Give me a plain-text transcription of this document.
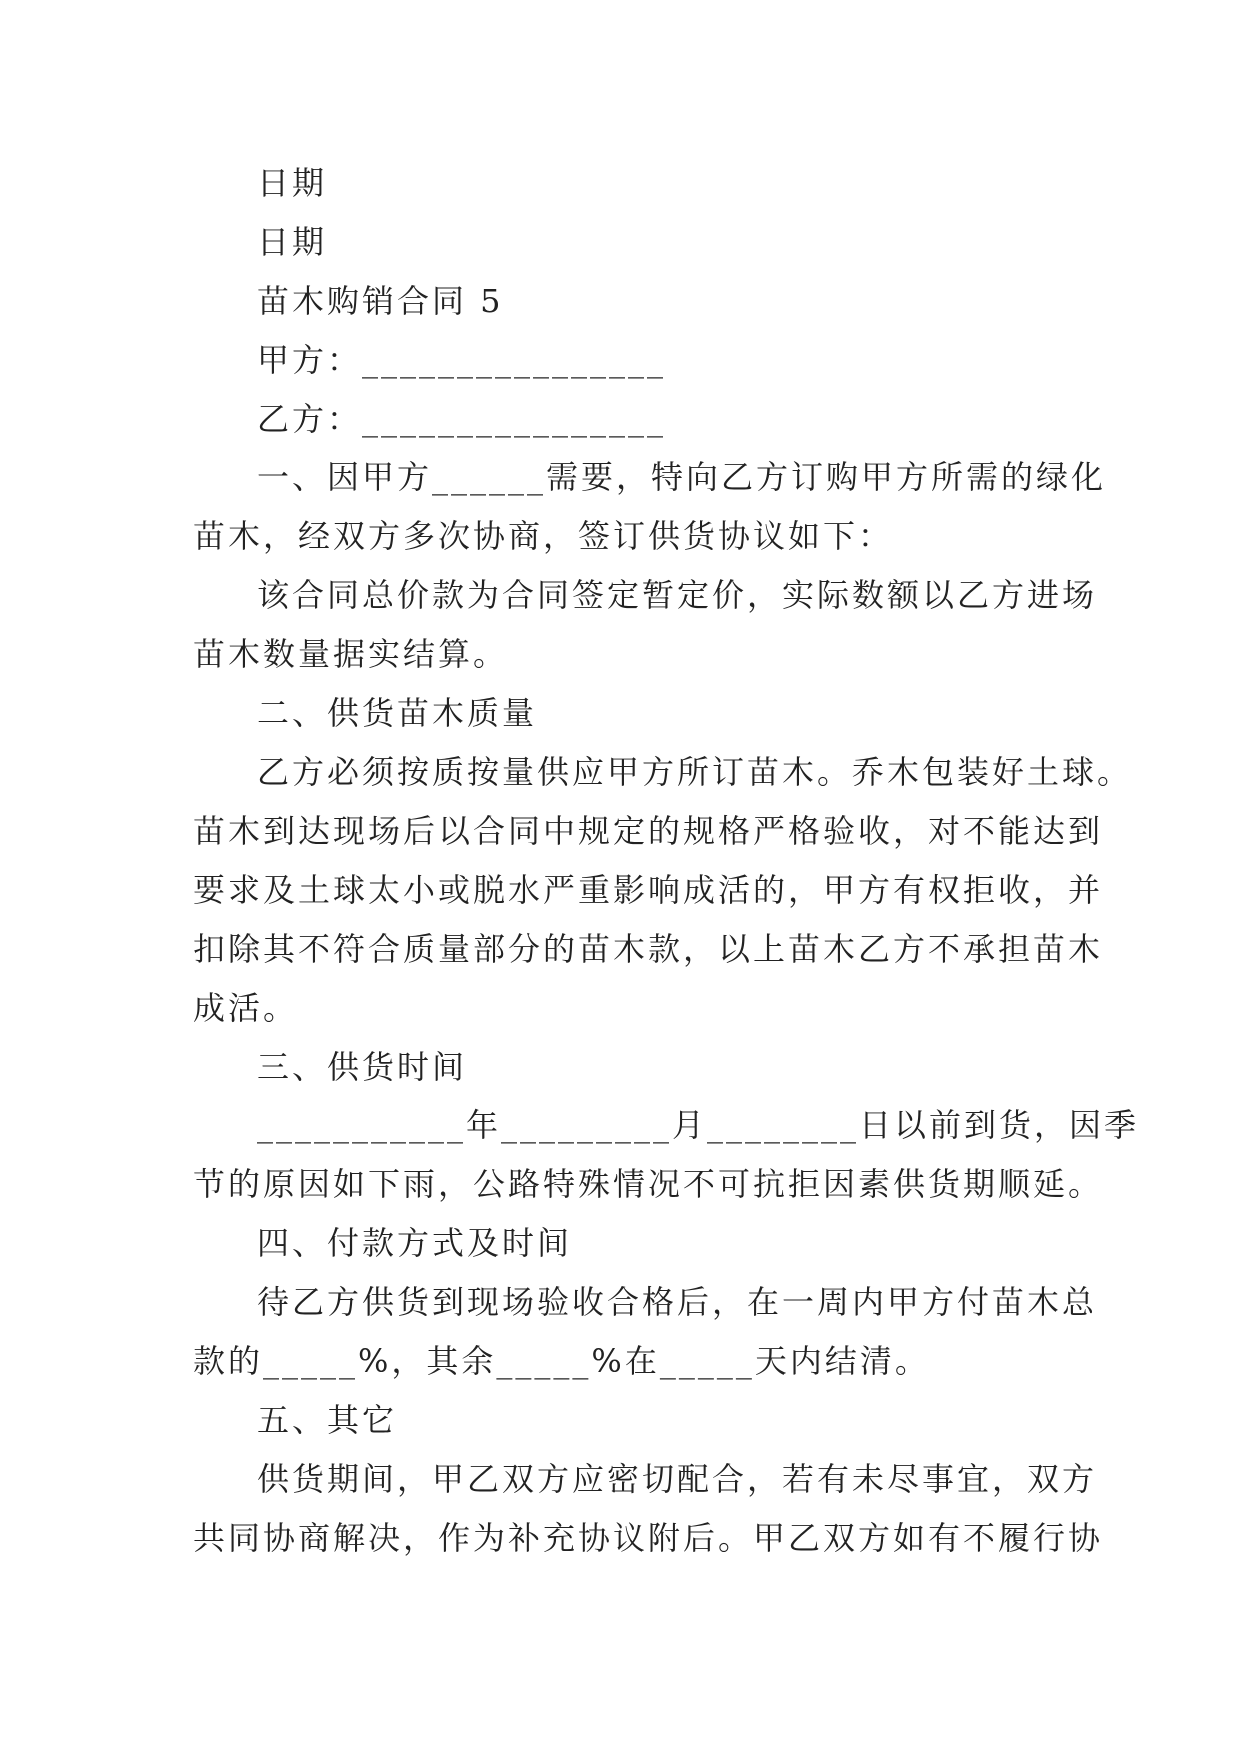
日期
日期
苗木购销合同 5
甲方：________________
乙方：________________
一、因甲方______需要，特向乙方订购甲方所需的绿化
苗木，经双方多次协商，签订供货协议如下：
该合同总价款为合同签定暂定价，实际数额以乙方进场
苗木数量据实结算。
二、供货苗木质量
乙方必须按质按量供应甲方所订苗木。乔木包装好土球。
苗木到达现场后以合同中规定的规格严格验收，对不能达到
要求及土球太小或脱水严重影响成活的，甲方有权拒收，并
扣除其不符合质量部分的苗木款，以上苗木乙方不承担苗木
成活。
三、供货时间
___________年_________月________日以前到货，因季
节的原因如下雨，公路特殊情况不可抗拒因素供货期顺延。
四、付款方式及时间
待乙方供货到现场验收合格后，在一周内甲方付苗木总
款的_____%，其余_____%在_____天内结清。
五、其它
供货期间，甲乙双方应密切配合，若有未尽事宜，双方
共同协商解决，作为补充协议附后。甲乙双方如有不履行协
